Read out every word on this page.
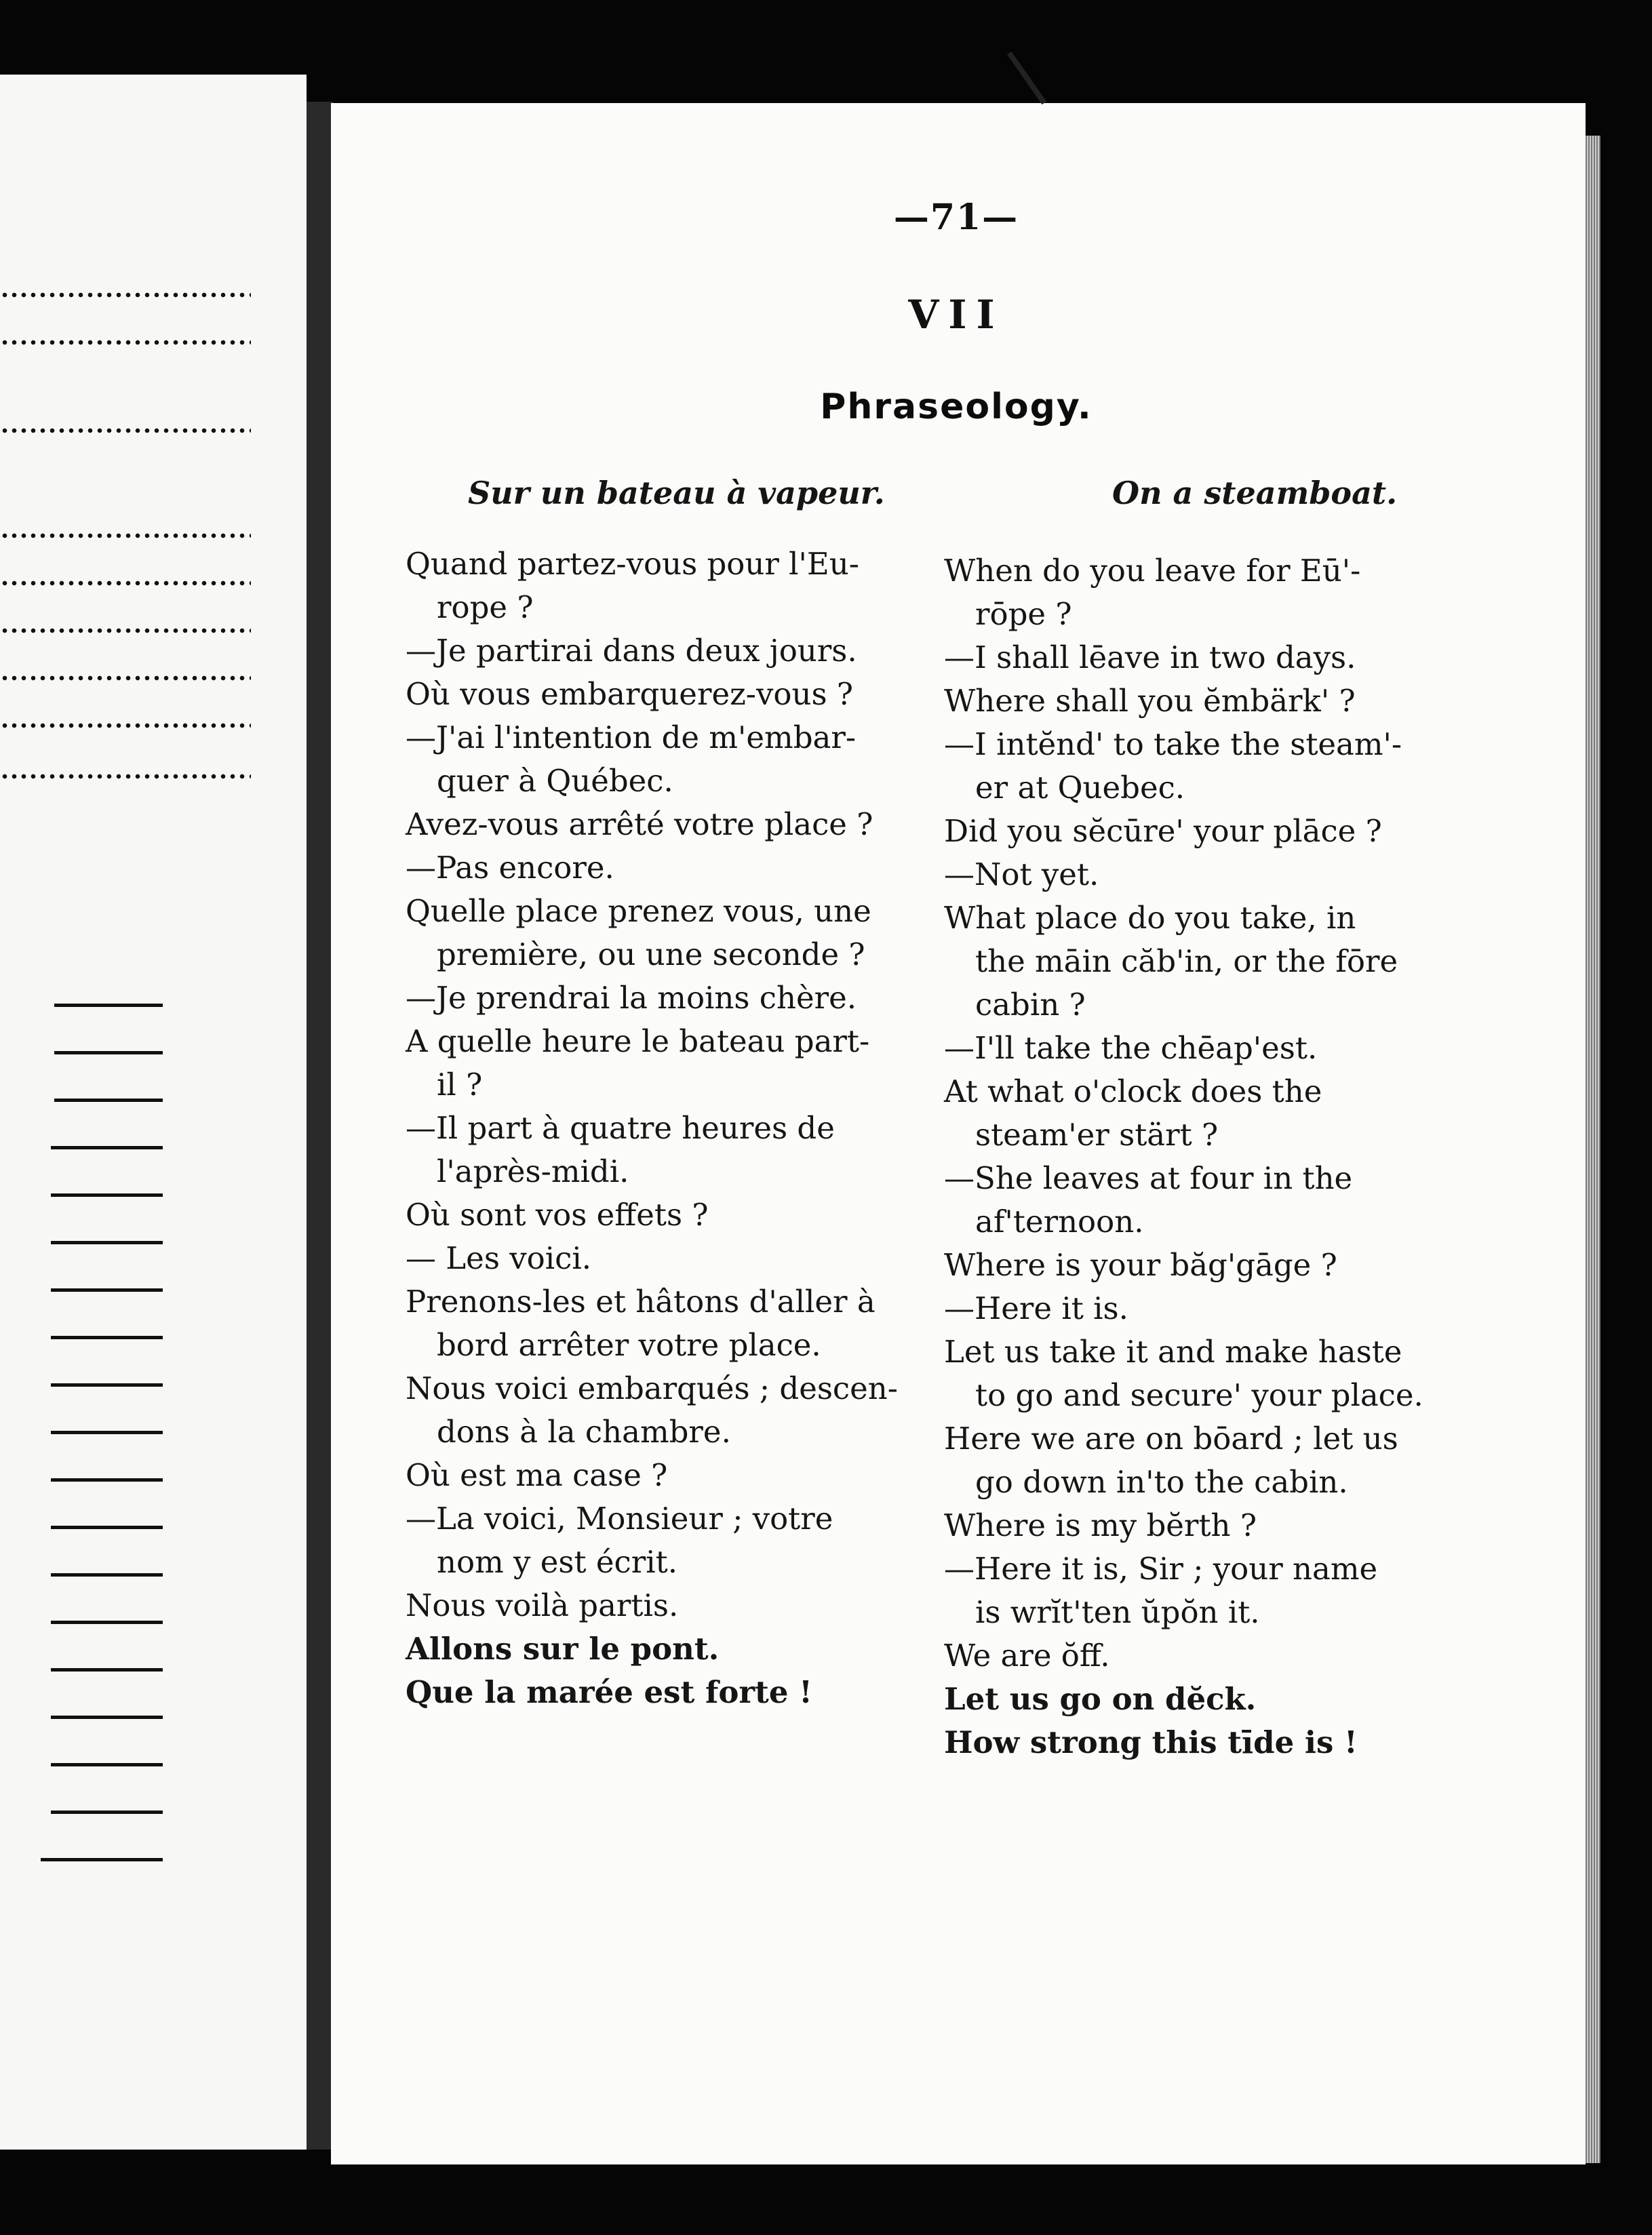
—71—
VII
Phraseology.
Sur un bateau à vapeur.	On a steamboat.
Quand partez-vous pour l'Eu-
rope ?
—Je partirai dans deux jours.
Où vous embarquerez-vous ?
—J'ai l'intention de m'embar-
quer à Québec.
Avez-vous arrêté votre place ?
—Pas encore.
Quelle place prenez vous, une
première, ou une seconde ?

—Je prendrai la moins chère.
A quelle heure le bateau part-
il ?
—Il part à quatre heures de
l'après-midi.
Où sont vos effets ?
— Les voici.
Prenons-les et hâtons d'aller à
bord arrêter votre place.
Nous voici embarqués ; descen-
dons à la chambre.
Où est ma case ?
—La voici, Monsieur ; votre
nom y est écrit.
Nous voilà partis.
Allons sur le pont.
Que la marée est forte !
When do you leave for Eū'-
rōpe ?
—I shall lēave in two days.
Where shall you ĕmbärk' ?
—I intĕnd' to take the steam'-
er at Quebec.
Did you sĕcūre' your plāce ?
—Not yet.
What place do you take, in
the māin căb'in, or the fōre
cabin ?
—I'll take the chēap'est.
At what o'clock does the
steam'er stärt ?
—She leaves at four in the
af'ternoon.
Where is your băg'gāge ?
—Here it is.
Let us take it and make haste
to go and secure' your place.
Here we are on bōard ; let us
go down in'to the cabin.
Where is my bĕrth ?
—Here it is, Sir ; your name
is wrĭt'ten ŭpŏn it.
We are ŏff.
Let us go on dĕck.
How strong this tīde is !
